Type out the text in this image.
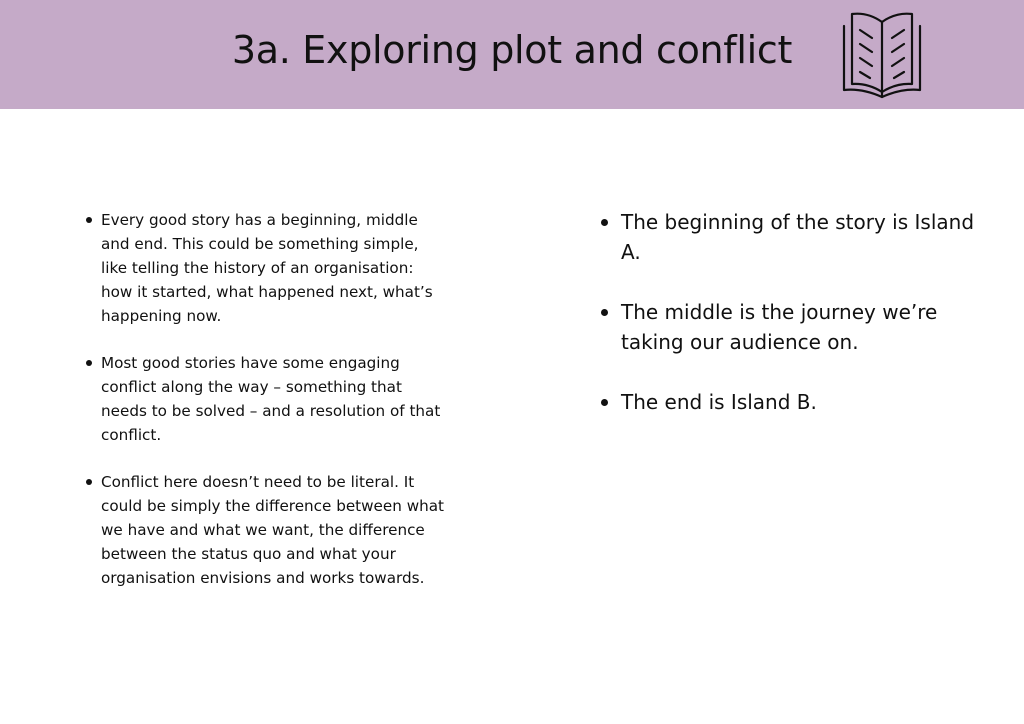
3a. Exploring plot and conflict
Every good story has a beginning, middle and end. This could be something simple, like telling the history of an organisation: how it started, what happened next, what’s happening now.
Most good stories have some engaging conflict along the way – something that needs to be solved – and a resolution of that conflict.
Conflict here doesn’t need to be literal. It could be simply the difference between what we have and what we want, the difference between the status quo and what your organisation envisions and works towards.
The beginning of the story is Island A.
The middle is the journey we’re taking our audience on.
The end is Island B.
